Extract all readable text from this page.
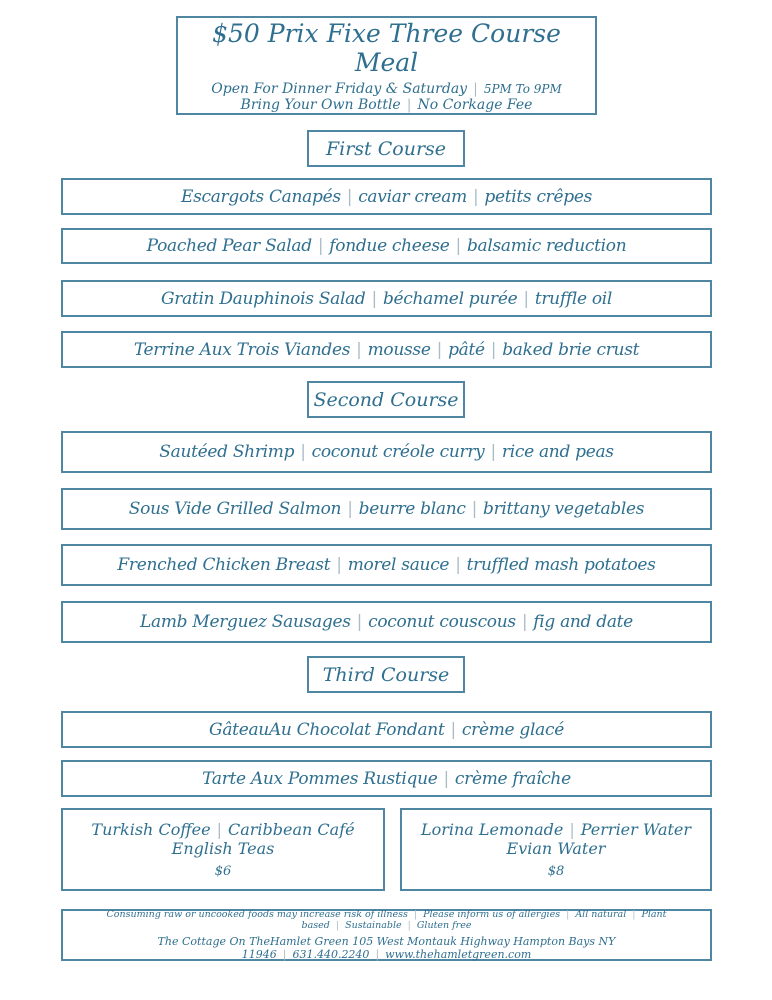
$50 Prix Fixe Three Course Meal
Open For Dinner Friday & Saturday | 5PM To 9PM
Bring Your Own Bottle | No Corkage Fee
First Course
Escargots Canapés | caviar cream | petits crêpes
Poached Pear Salad | fondue cheese | balsamic reduction
Gratin Dauphinois Salad | béchamel purée | truffle oil
Terrine Aux Trois Viandes | mousse | pâté | baked brie crust
Second Course
Sautéed Shrimp | coconut créole curry | rice and peas
Sous Vide Grilled Salmon | beurre blanc | brittany vegetables
Frenched Chicken Breast | morel sauce | truffled mash potatoes
Lamb Merguez Sausages | coconut couscous | fig and date
Third Course
GâteauAu Chocolat Fondant | crème glacé
Tarte Aux Pommes Rustique | crème fraîche
Turkish Coffee | Caribbean Café
English Teas
$6
Lorina Lemonade | Perrier Water
Evian Water
$8
Consuming raw or uncooked foods may increase risk of illness | Please inform us of allergies | All natural | Plant based | Sustainable | Gluten free
The Cottage On TheHamlet Green 105 West Montauk Highway Hampton Bays NY 11946 | 631.440.2240 | www.thehamletgreen.com
